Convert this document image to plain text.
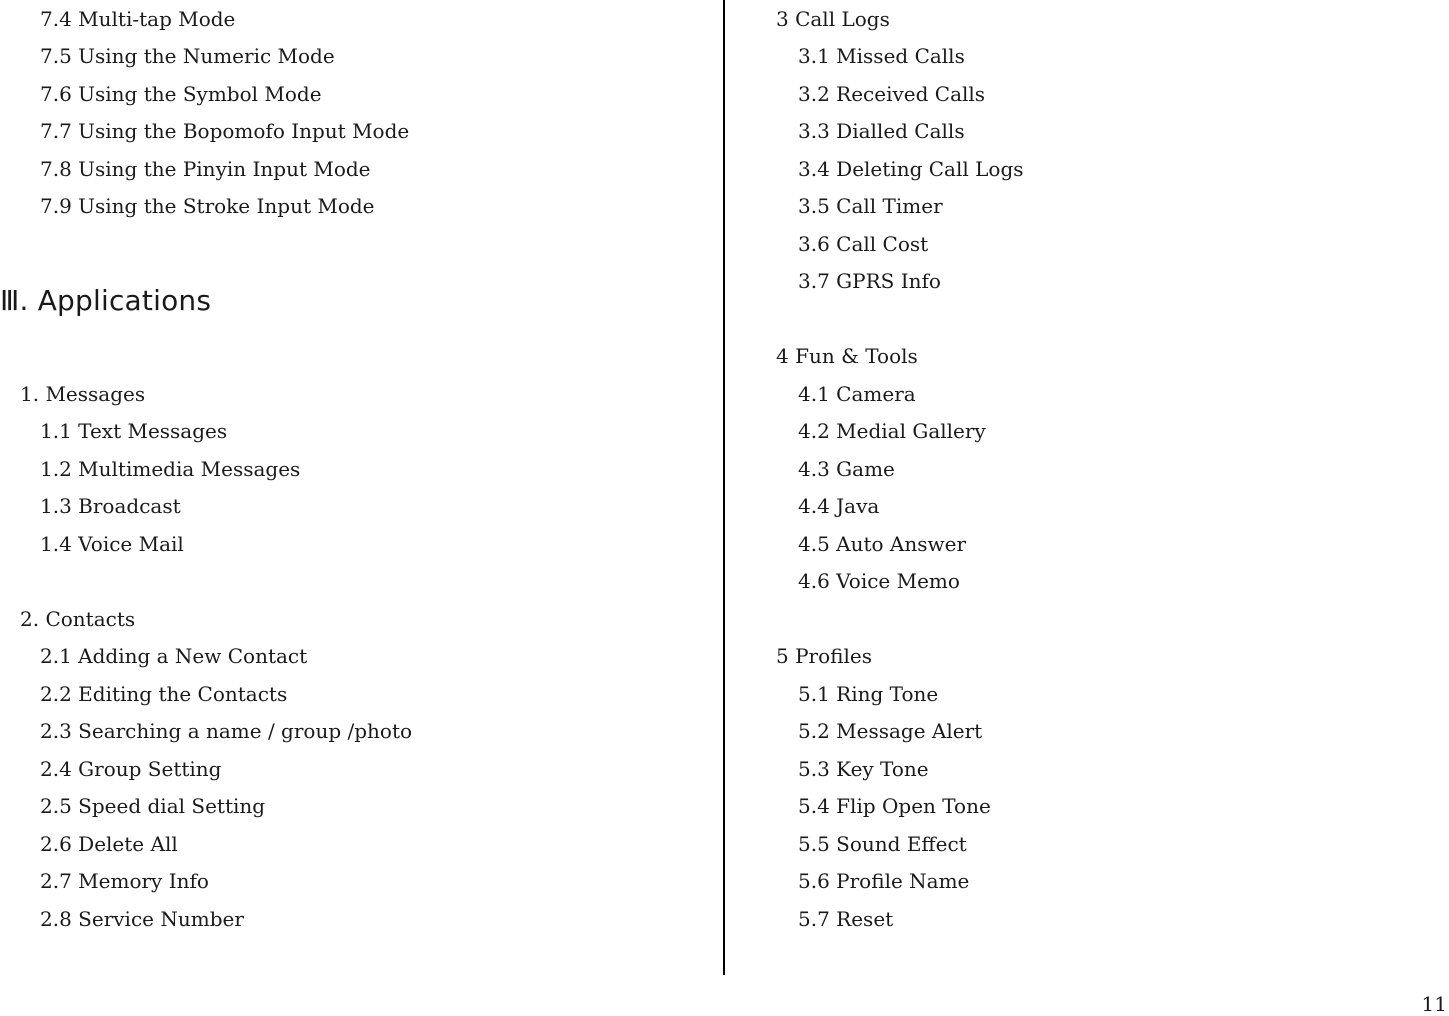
7.4 Multi-tap Mode
7.5 Using the Numeric Mode
7.6 Using the Symbol Mode
7.7 Using the Bopomofo Input Mode
7.8 Using the Pinyin Input Mode
7.9 Using the Stroke Input Mode
Ⅲ. Applications
1. Messages
1.1 Text Messages
1.2 Multimedia Messages
1.3 Broadcast
1.4 Voice Mail
2. Contacts
2.1 Adding a New Contact
2.2 Editing the Contacts
2.3 Searching a name / group /photo
2.4 Group Setting
2.5 Speed dial Setting
2.6 Delete All
2.7 Memory Info
2.8 Service Number
3 Call Logs
3.1 Missed Calls
3.2 Received Calls
3.3 Dialled Calls
3.4 Deleting Call Logs
3.5 Call Timer
3.6 Call Cost
3.7 GPRS Info
4 Fun & Tools
4.1 Camera
4.2 Medial Gallery
4.3 Game
4.4 Java
4.5 Auto Answer
4.6 Voice Memo
5 Profiles
5.1 Ring Tone
5.2 Message Alert
5.3 Key Tone
5.4 Flip Open Tone
5.5 Sound Effect
5.6 Profile Name
5.7 Reset
11
